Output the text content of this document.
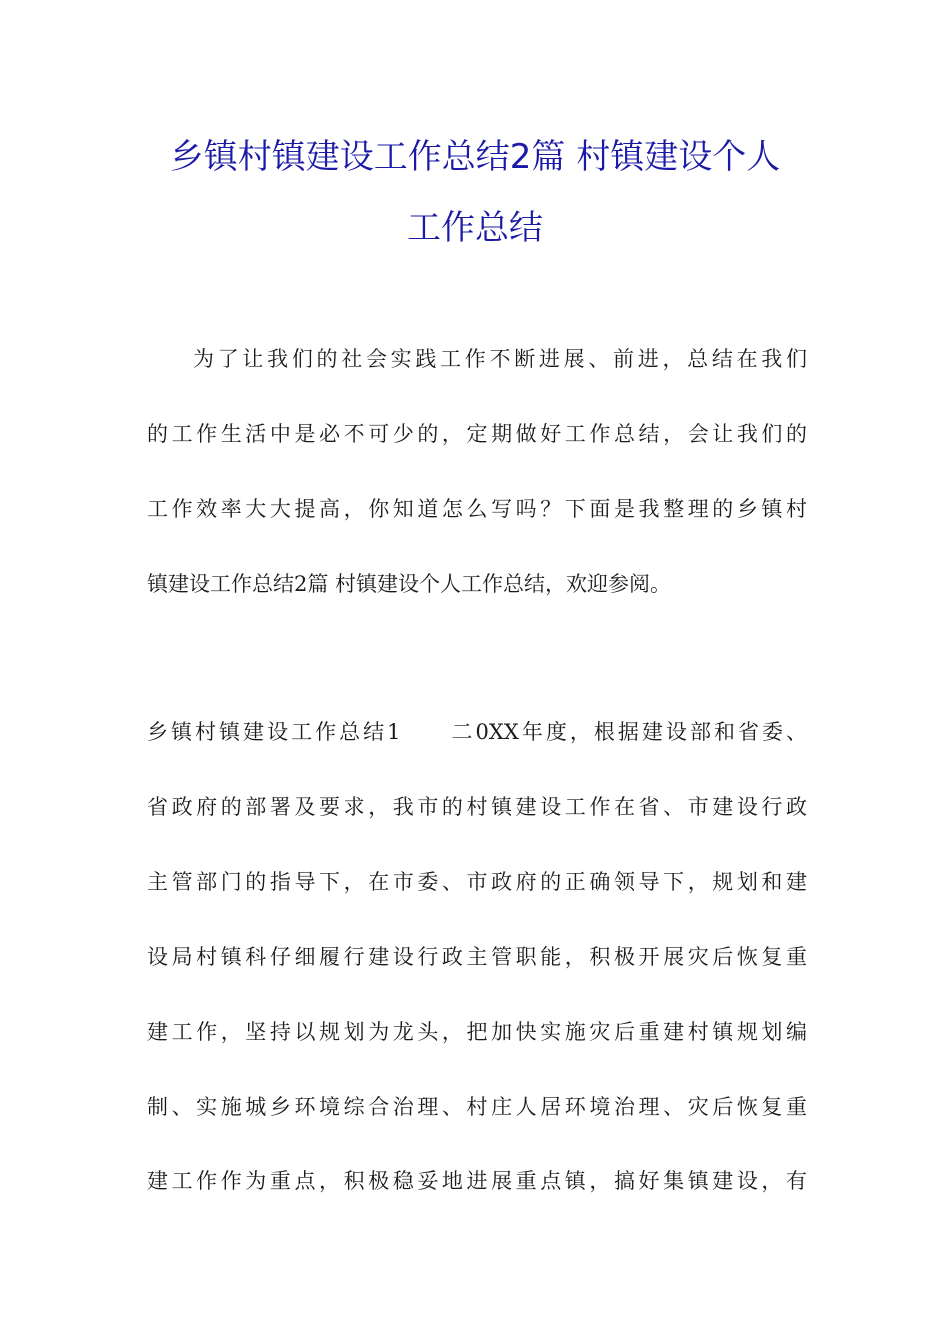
乡镇村镇建设工作总结2篇 村镇建设个人
工作总结
为了让我们的社会实践工作不断进展、前进，总结在我们
的工作生活中是必不可少的，定期做好工作总结，会让我们的
工作效率大大提高，你知道怎么写吗？下面是我整理的乡镇村
镇建设工作总结2篇 村镇建设个人工作总结，欢迎参阅。
乡镇村镇建设工作总结1　　二0XX年度，根据建设部和省委、
省政府的部署及要求，我市的村镇建设工作在省、市建设行政
主管部门的指导下，在市委、市政府的正确领导下，规划和建
设局村镇科仔细履行建设行政主管职能，积极开展灾后恢复重
建工作，坚持以规划为龙头，把加快实施灾后重建村镇规划编
制、实施城乡环境综合治理、村庄人居环境治理、灾后恢复重
建工作作为重点，积极稳妥地进展重点镇，搞好集镇建设，有
